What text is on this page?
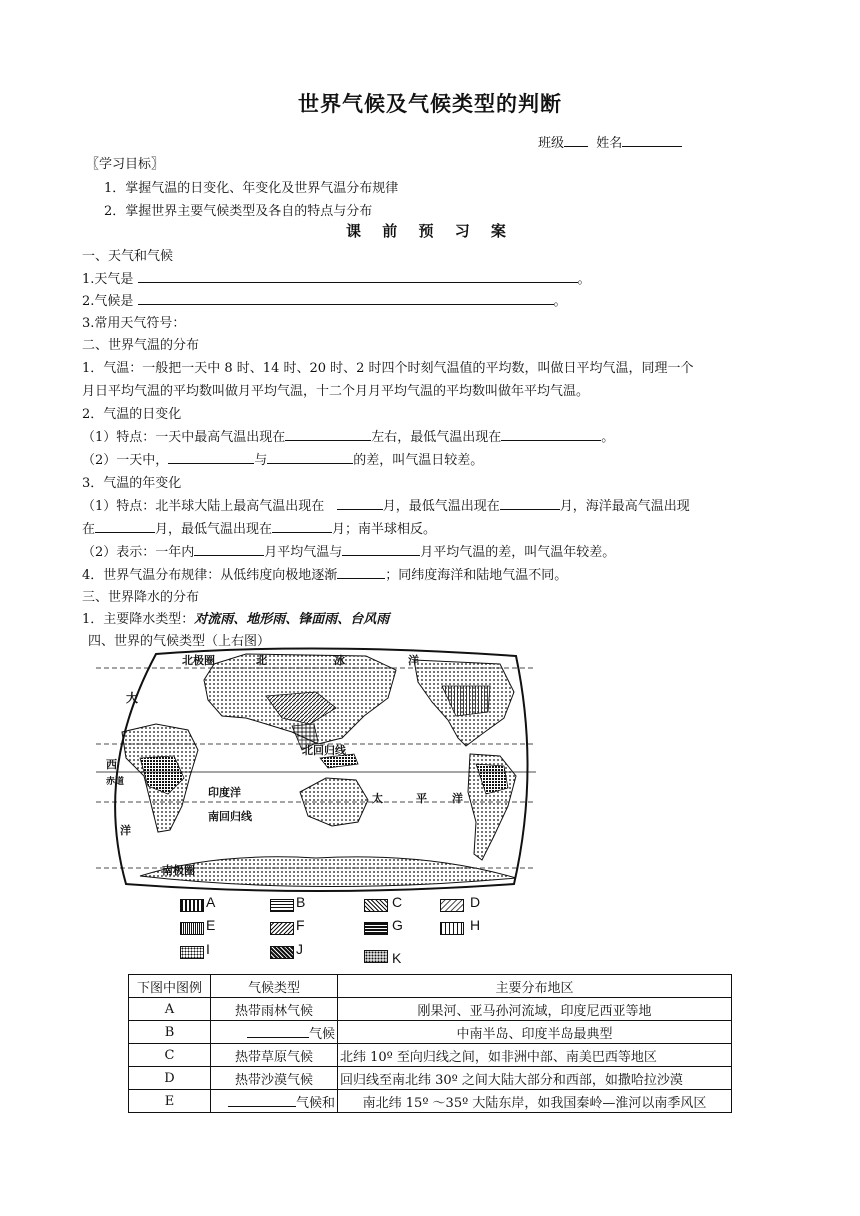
世界气候及气候类型的判断
班级 姓名
〖学习目标〗
1．掌握气温的日变化、年变化及世界气温分布规律
2．掌握世界主要气候类型及各自的特点与分布
课 前 预 习 案
一、天气和气候
1.天气是	。
2.气候是	。
3.常用天气符号：
二、世界气温的分布
1．气温：一般把一天中 8 时、14 时、20 时、2 时四个时刻气温值的平均数，叫做日平均气温，同理一个
月日平均气温的平均数叫做月平均气温，十二个月月平均气温的平均数叫做年平均气温。
2．气温的日变化
（1）特点：一天中最高气温出现在	左右，最低气温出现在	。
（2）一天中，	与	的差，叫气温日较差。
3．气温的年变化
（1）特点：北半球大陆上最高气温出现在	月，最低气温出现在	月，海洋最高气温出现
在	月，最低气温出现在	月；南半球相反。
（2）表示：一年内	月平均气温与	月平均气温的差，叫气温年较差。
4．世界气温分布规律：从低纬度向极地逐渐	；同纬度海洋和陆地气温不同。
三、世界降水的分布
1．主要降水类型：对流雨、地形雨、锋面雨、台风雨
四、世界的气候类型（上右图）
北极圈	北	冰	洋
大
北回归线
西
赤道
印度洋	太	平 洋
南回归线
洋
南极圈
A	B	C	D
E	F	G	H
I	J
K
下图中图例	气候类型	主要分布地区
A	热带雨林气候	刚果河、亚马孙河流域，印度尼西亚等地
B	气候	中南半岛、印度半岛最典型
C	热带草原气候	北纬 10º 至向归线之间，如非洲中部、南美巴西等地区
D	热带沙漠气候	回归线至南北纬 30º 之间大陆大部分和西部，如撒哈拉沙漠
E	气候和	南北纬 15º ～35º 大陆东岸，如我国秦岭—淮河以南季风区
